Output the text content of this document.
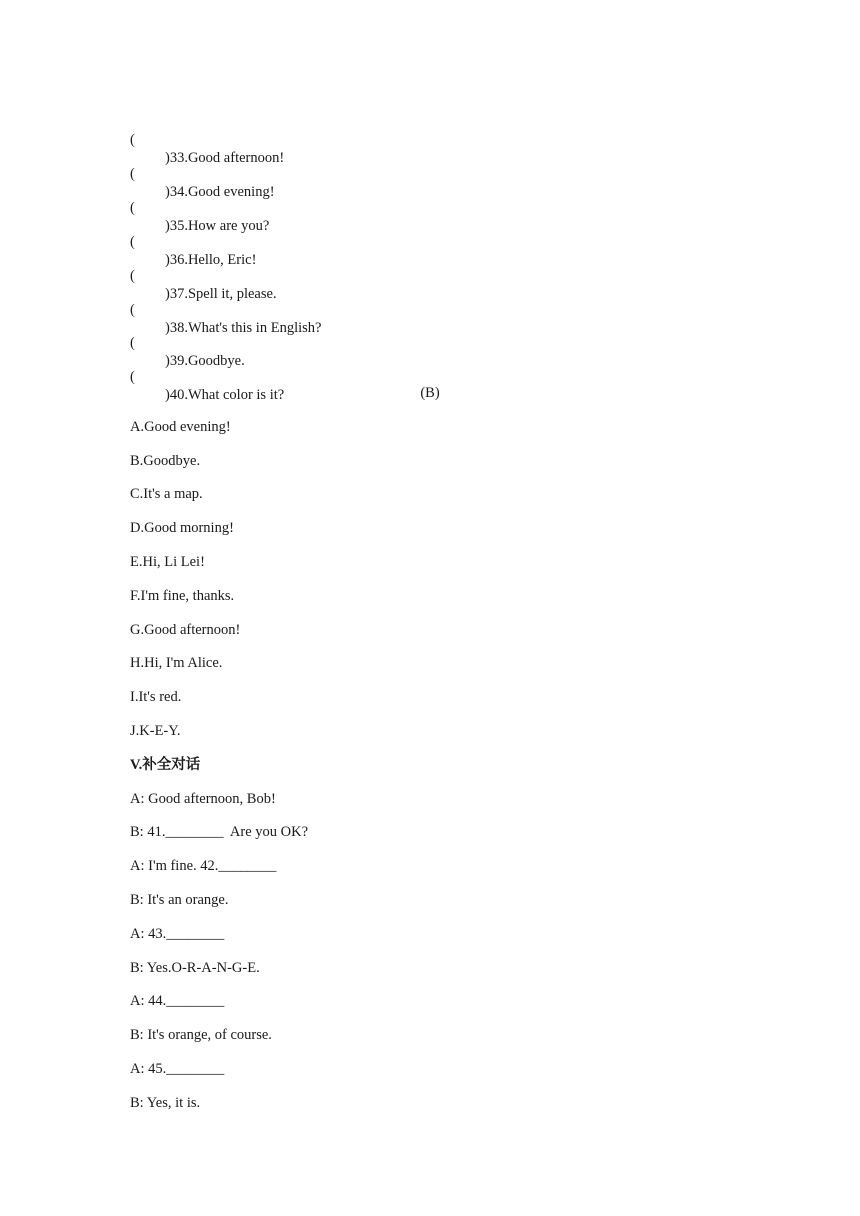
(

)33.Good afternoon!

(

)34.Good evening!

(

)35.How are you?

(

)36.Hello, Eric!

(

)37.Spell it, please.

(

)38.What's this in English?

(

)39.Goodbye.

(

)40.What color is it?

	(B)
A.Good evening!
B.Goodbye.
C.It's a map.
D.Good morning!
E.Hi, Li Lei!
F.I'm fine, thanks.
G.Good afternoon!
H.Hi, I'm Alice.
I.It's red.
J.K-E-Y.
V.补全对话
A: Good afternoon, Bob!
B: 41.________  Are you OK?
A: I'm fine. 42.________
B: It's an orange.
A: 43.________
B: Yes.O-R-A-N-G-E.
A: 44.________
B: It's orange, of course.
A: 45.________
B: Yes, it is.
